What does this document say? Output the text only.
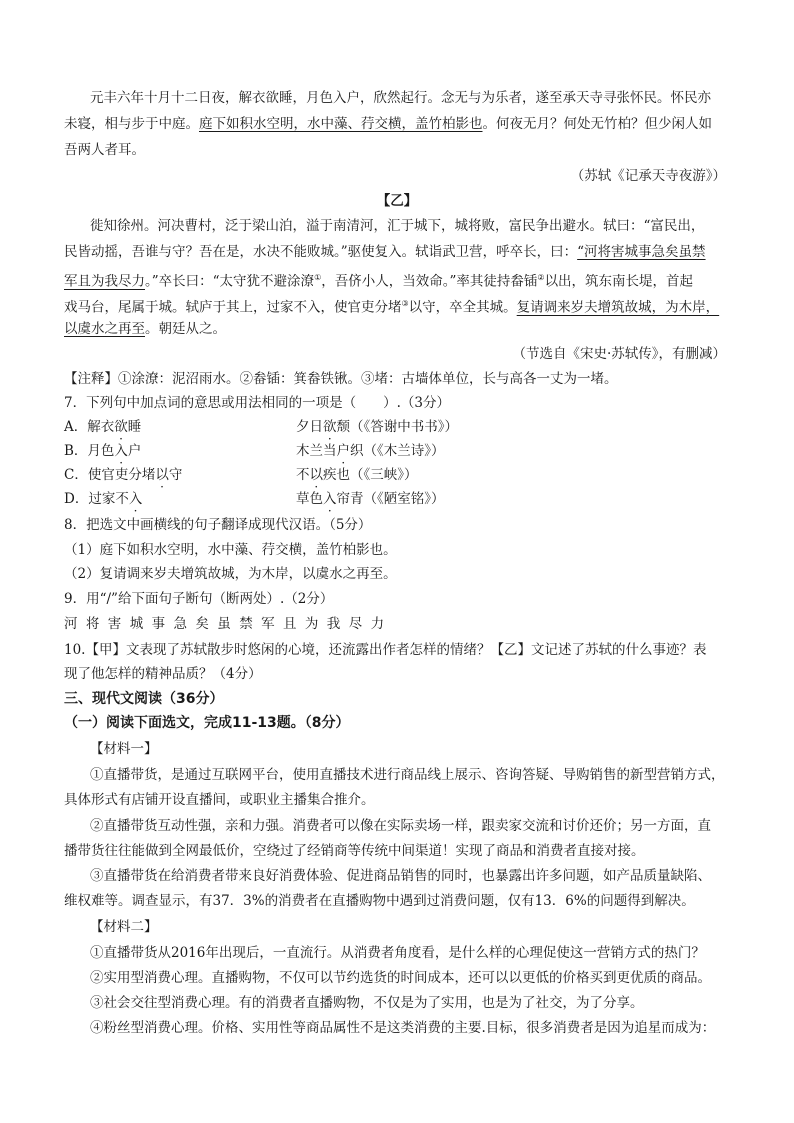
元丰六年十月十二日夜，解衣欲睡，月色入户，欣然起行。念无与为乐者，遂至承天寺寻张怀民。怀民亦
未寝，相与步于中庭。庭下如积水空明，水中藻、荇交横，盖竹柏影也。何夜无月？何处无竹柏？但少闲人如
吾两人者耳。
（苏轼《记承天寺夜游》）
【乙】
徙知徐州。河决曹村，泛于梁山泊，溢于南清河，汇于城下，城将败，富民争出避水。轼曰：“富民出，
民皆动摇，吾谁与守？吾在是，水决不能败城。”驱使复入。轼诣武卫营，呼卒长，曰：“河将害城事急矣虽禁
军且为我尽力。”卒长曰：“太守犹不避涂潦①，吾侪小人，当效命。”率其徒持畚锸②以出，筑东南长堤，首起
戏马台，尾属于城。轼庐于其上，过家不入，使官吏分堵③以守，卒全其城。复请调来岁夫增筑故城，为木岸，
以虞水之再至。朝廷从之。
（节选自《宋史·苏轼传》，有删减）
【注释】①涂潦：泥沼雨水。②畚锸：箕畚铁锹。③堵：古墙体单位，长与高各一丈为一堵。
7．下列句中加点词的意思或用法相同的一项是（　　）.（3分）
A．解衣欲睡	夕日欲颓（《答谢中书书》）
B．月色入户	木兰当户织（《木兰诗》）
C．使官吏分堵以守	不以疾也（《三峡》）
D．过家不入	草色入帘青（《陋室铭》）
8．把选文中画横线的句子翻译成现代汉语。（5分）
（1）庭下如积水空明，水中藻、荇交横，盖竹柏影也。
（2）复请调来岁夫增筑故城，为木岸，以虞水之再至。
9．用“/”给下面句子断句（断两处）.（2分）
河将害城事急矣虽禁军且为我尽力
10.【甲】文表现了苏轼散步时悠闲的心境，还流露出作者怎样的情绪？【乙】文记述了苏轼的什么事迹？表
现了他怎样的精神品质？（4分）
三、现代文阅读（36分）
（一）阅读下面选文，完成11-13题。（8分）
【材料一】
①直播带货，是通过互联网平台，使用直播技术进行商品线上展示、咨询答疑、导购销售的新型营销方式，
具体形式有店铺开设直播间，或职业主播集合推介。
②直播带货互动性强，亲和力强。消费者可以像在实际卖场一样，跟卖家交流和讨价还价；另一方面，直
播带货往往能做到全网最低价，空绕过了经销商等传统中间渠道！实现了商品和消费者直接对接。
③直播带货在给消费者带来良好消费体验、促进商品销售的同时，也暴露出许多问题，如产品质量缺陷、
维权难等。调查显示，有37．3%的消费者在直播购物中遇到过消费问题，仅有13．6%的问题得到解决。
【材料二】
①直播带货从2016年出现后，一直流行。从消费者角度看，是什么样的心理促使这一营销方式的热门？
②实用型消费心理。直播购物，不仅可以节约选货的时间成本，还可以以更低的价格买到更优质的商品。
③社会交往型消费心理。有的消费者直播购物，不仅是为了实用，也是为了社交，为了分享。
④粉丝型消费心理。价格、实用性等商品属性不是这类消费的主要.目标，很多消费者是因为追星而成为：
